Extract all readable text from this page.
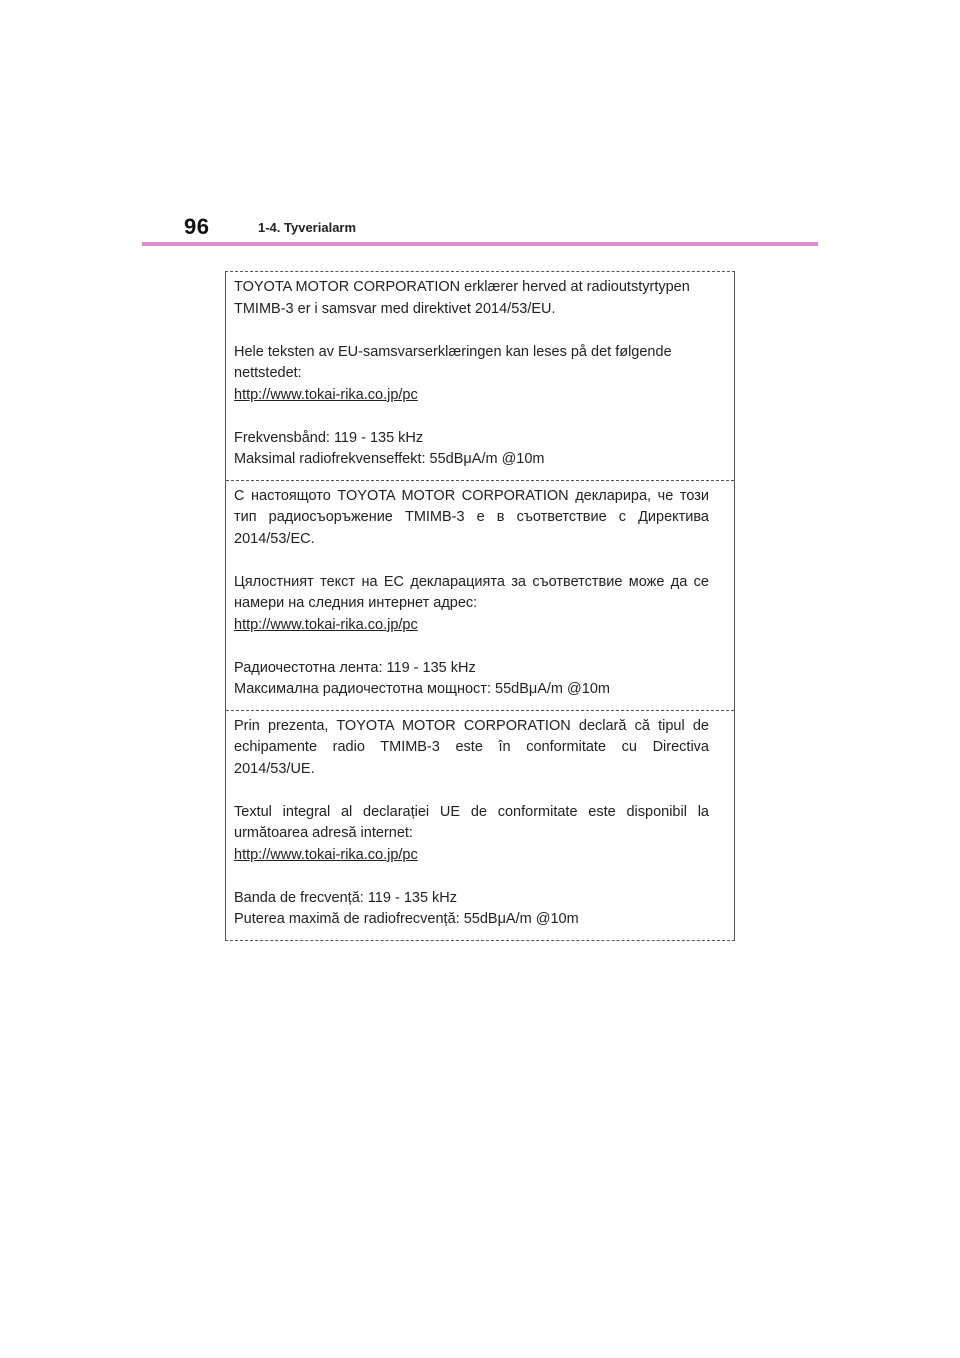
96	1-4. Tyverialarm

TOYOTA MOTOR CORPORATION erklærer herved at radioutstyrtypen TMIMB-3 er i samsvar med direktivet 2014/53/EU.

Hele teksten av EU-samsvarserklæringen kan leses på det følgende nettstedet:

http://www.tokai-rika.co.jp/pc

Frekvensbånd: 119 - 135 kHz

Maksimal radiofrekvenseffekt: 55dBμA/m @10m

С настоящото TOYOTA MOTOR CORPORATION декларира, че този тип радиосъоръжение TMIMB-3 е в съответствие с Директива 2014/53/ЕС.

Цялостният текст на ЕС декларацията за съответствие може да се намери на следния интернет адрес:

http://www.tokai-rika.co.jp/pc

Радиочестотна лента: 119 - 135 kHz

Максимална радиочестотна мощност: 55dBμA/m @10m

Prin prezenta, TOYOTA MOTOR CORPORATION declară că tipul de echipamente radio TMIMB-3 este în conformitate cu Directiva 2014/53/UE.

Textul integral al declarației UE de conformitate este disponibil la următoarea adresă internet:

http://www.tokai-rika.co.jp/pc

Banda de frecvență: 119 - 135 kHz

Puterea maximă de radiofrecvență: 55dBμA/m @10m
